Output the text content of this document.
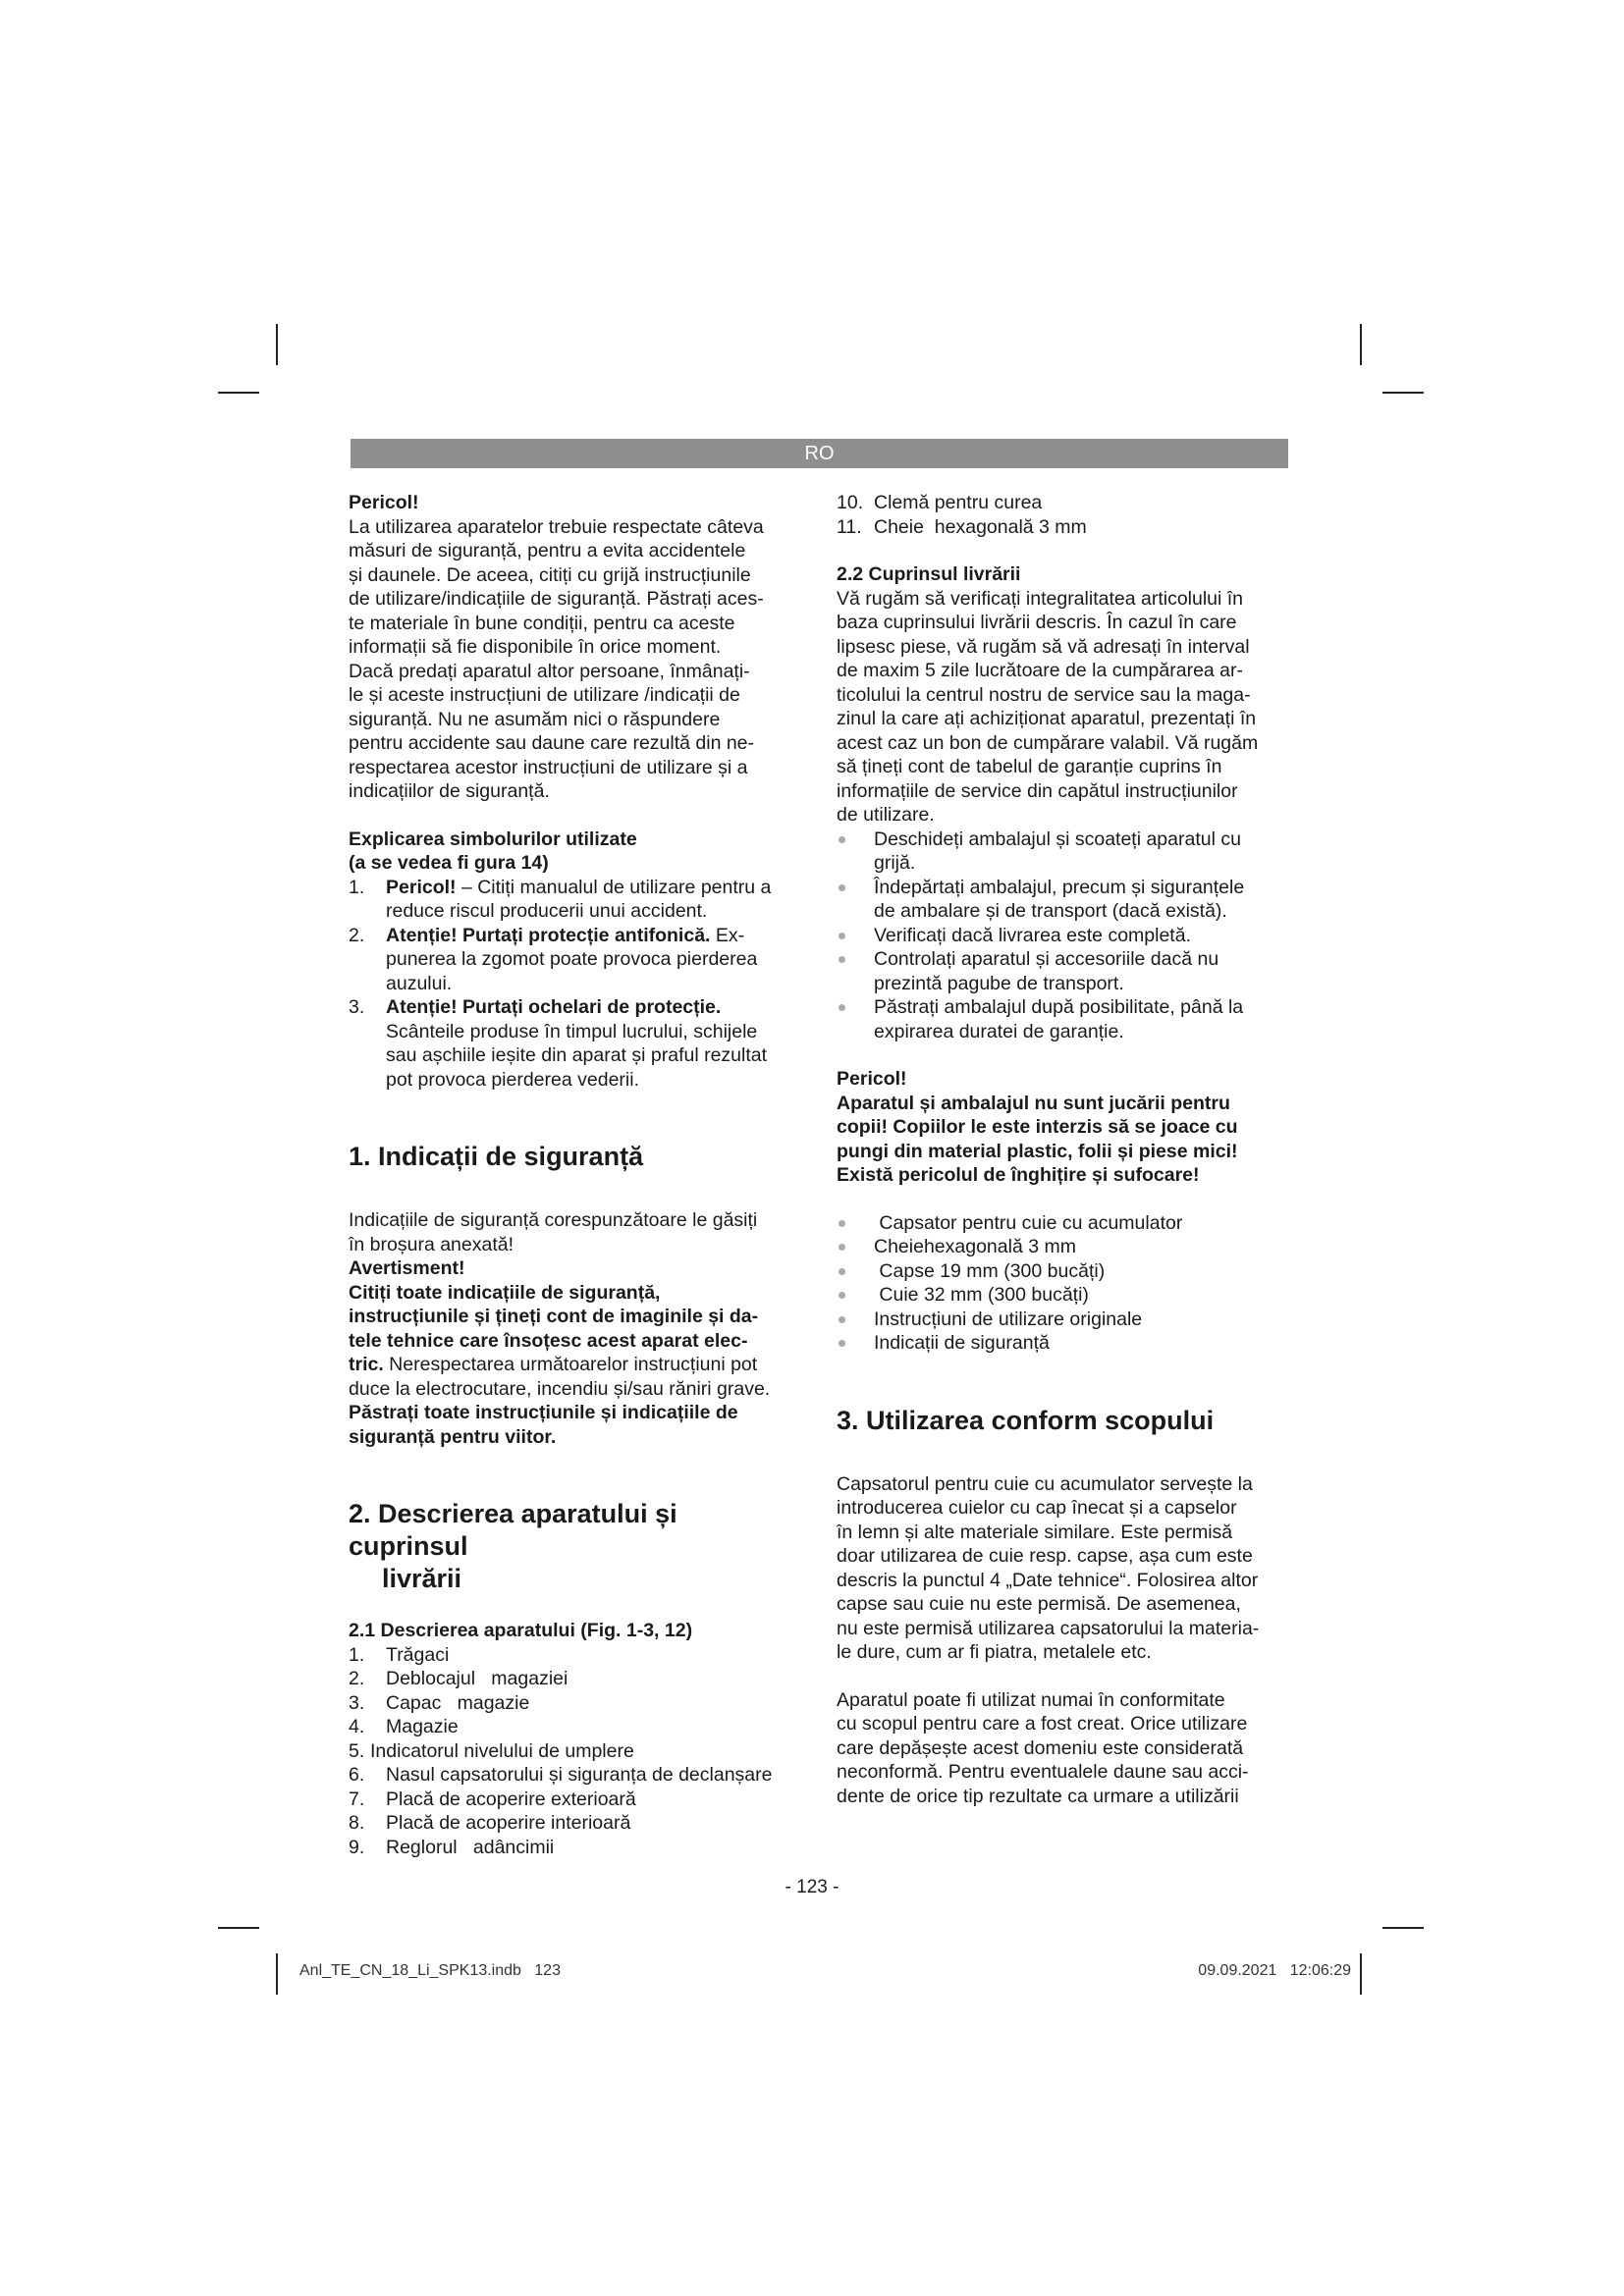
RO

Pericol!

La utilizarea aparatelor trebuie respectate câteva

măsuri de siguranță, pentru a evita accidentele

și daunele. De aceea, citiți cu grijă instrucțiunile

de utilizare/indicațiile de siguranță. Păstrați aces-

te materiale în bune condiții, pentru ca aceste

informații să fie disponibile în orice moment.

Dacă predați aparatul altor persoane, înmânați-

le și aceste instrucțiuni de utilizare /indicații de

siguranță. Nu ne asumăm nici o răspundere

pentru accidente sau daune care rezultă din ne-

respectarea acestor instrucțiuni de utilizare și a

indicațiilor de siguranță.

Explicarea simbolurilor utilizate

(a se vedea fi gura 14)

1. Pericol! – Citiți manualul de utilizare pentru a

reduce riscul producerii unui accident.

2. Atenție! Purtați protecție antifonică. Ex-

punerea la zgomot poate provoca pierderea

auzului.

3. Atenție! Purtați ochelari de protecție.

Scânteile produse în timpul lucrului, schijele

sau așchiile ieșite din aparat și praful rezultat

pot provoca pierderea vederii.

1. Indicații de siguranță

Indicațiile de siguranță corespunzătoare le găsiți

în broșura anexată!

Avertisment!

Citiți toate indicațiile de siguranță,

instrucțiunile și țineți cont de imaginile și da-

tele tehnice care însoțesc acest aparat elec-

tric. Nerespectarea următoarelor instrucțiuni pot

duce la electrocutare, incendiu și/sau răniri grave.

Păstrați toate instrucțiunile și indicațiile de

siguranță pentru viitor.

2. Descrierea aparatului și cuprinsul
livrării

2.1 Descrierea aparatului (Fig. 1-3, 12)

1. Trăgaci
2. Deblocajul   magaziei
3. Capac   magazie
4. Magazie
5. Indicatorul nivelului de umplere
6. Nasul capsatorului și siguranța de declanșare
7. Placă de acoperire exterioară
8. Placă de acoperire interioară
9. Reglorul   adâncimii
10. Clemă pentru curea
11. Cheie  hexagonală 3 mm

2.2 Cuprinsul livrării

Vă rugăm să verificați integralitatea articolului în

baza cuprinsului livrării descris. În cazul în care

lipsesc piese, vă rugăm să vă adresați în interval

de maxim 5 zile lucrătoare de la cumpărarea ar-

ticolului la centrul nostru de service sau la maga-

zinul la care ați achiziționat aparatul, prezentați în

acest caz un bon de cumpărare valabil. Vă rugăm

să țineți cont de tabelul de garanție cuprins în

informațiile de service din capătul instrucțiunilor

de utilizare.

Deschideți ambalajul și scoateți aparatul cu

grijă.

Îndepărtați ambalajul, precum și siguranțele

de ambalare și de transport (dacă există).

Verificați dacă livrarea este completă.

Controlați aparatul și accesoriile dacă nu

prezintă pagube de transport.

Păstrați ambalajul după posibilitate, până la

expirarea duratei de garanție.

Pericol!

Aparatul și ambalajul nu sunt jucării pentru

copii! Copiilor le este interzis să se joace cu

pungi din material plastic, folii și piese mici!

Există pericolul de înghițire și sufocare!

Capsator pentru cuie cu acumulator
Cheiehexagonală 3 mm
Capse 19 mm (300 bucăți)
Cuie 32 mm (300 bucăți)
Instrucțiuni de utilizare originale
Indicații de siguranță

3. Utilizarea conform scopului

Capsatorul pentru cuie cu acumulator servește la

introducerea cuielor cu cap înecat și a capselor

în lemn și alte materiale similare. Este permisă

doar utilizarea de cuie resp. capse, așa cum este

descris la punctul 4 „Date tehnice“. Folosirea altor

capse sau cuie nu este permisă. De asemenea,

nu este permisă utilizarea capsatorului la materia-

le dure, cum ar fi piatra, metalele etc.

Aparatul poate fi utilizat numai în conformitate

cu scopul pentru care a fost creat. Orice utilizare

care depășește acest domeniu este considerată

neconformă. Pentru eventualele daune sau acci-

dente de orice tip rezultate ca urmare a utilizării

- 123 -
Anl_TE_CN_18_Li_SPK13.indb   123	09.09.2021   12:06:29
